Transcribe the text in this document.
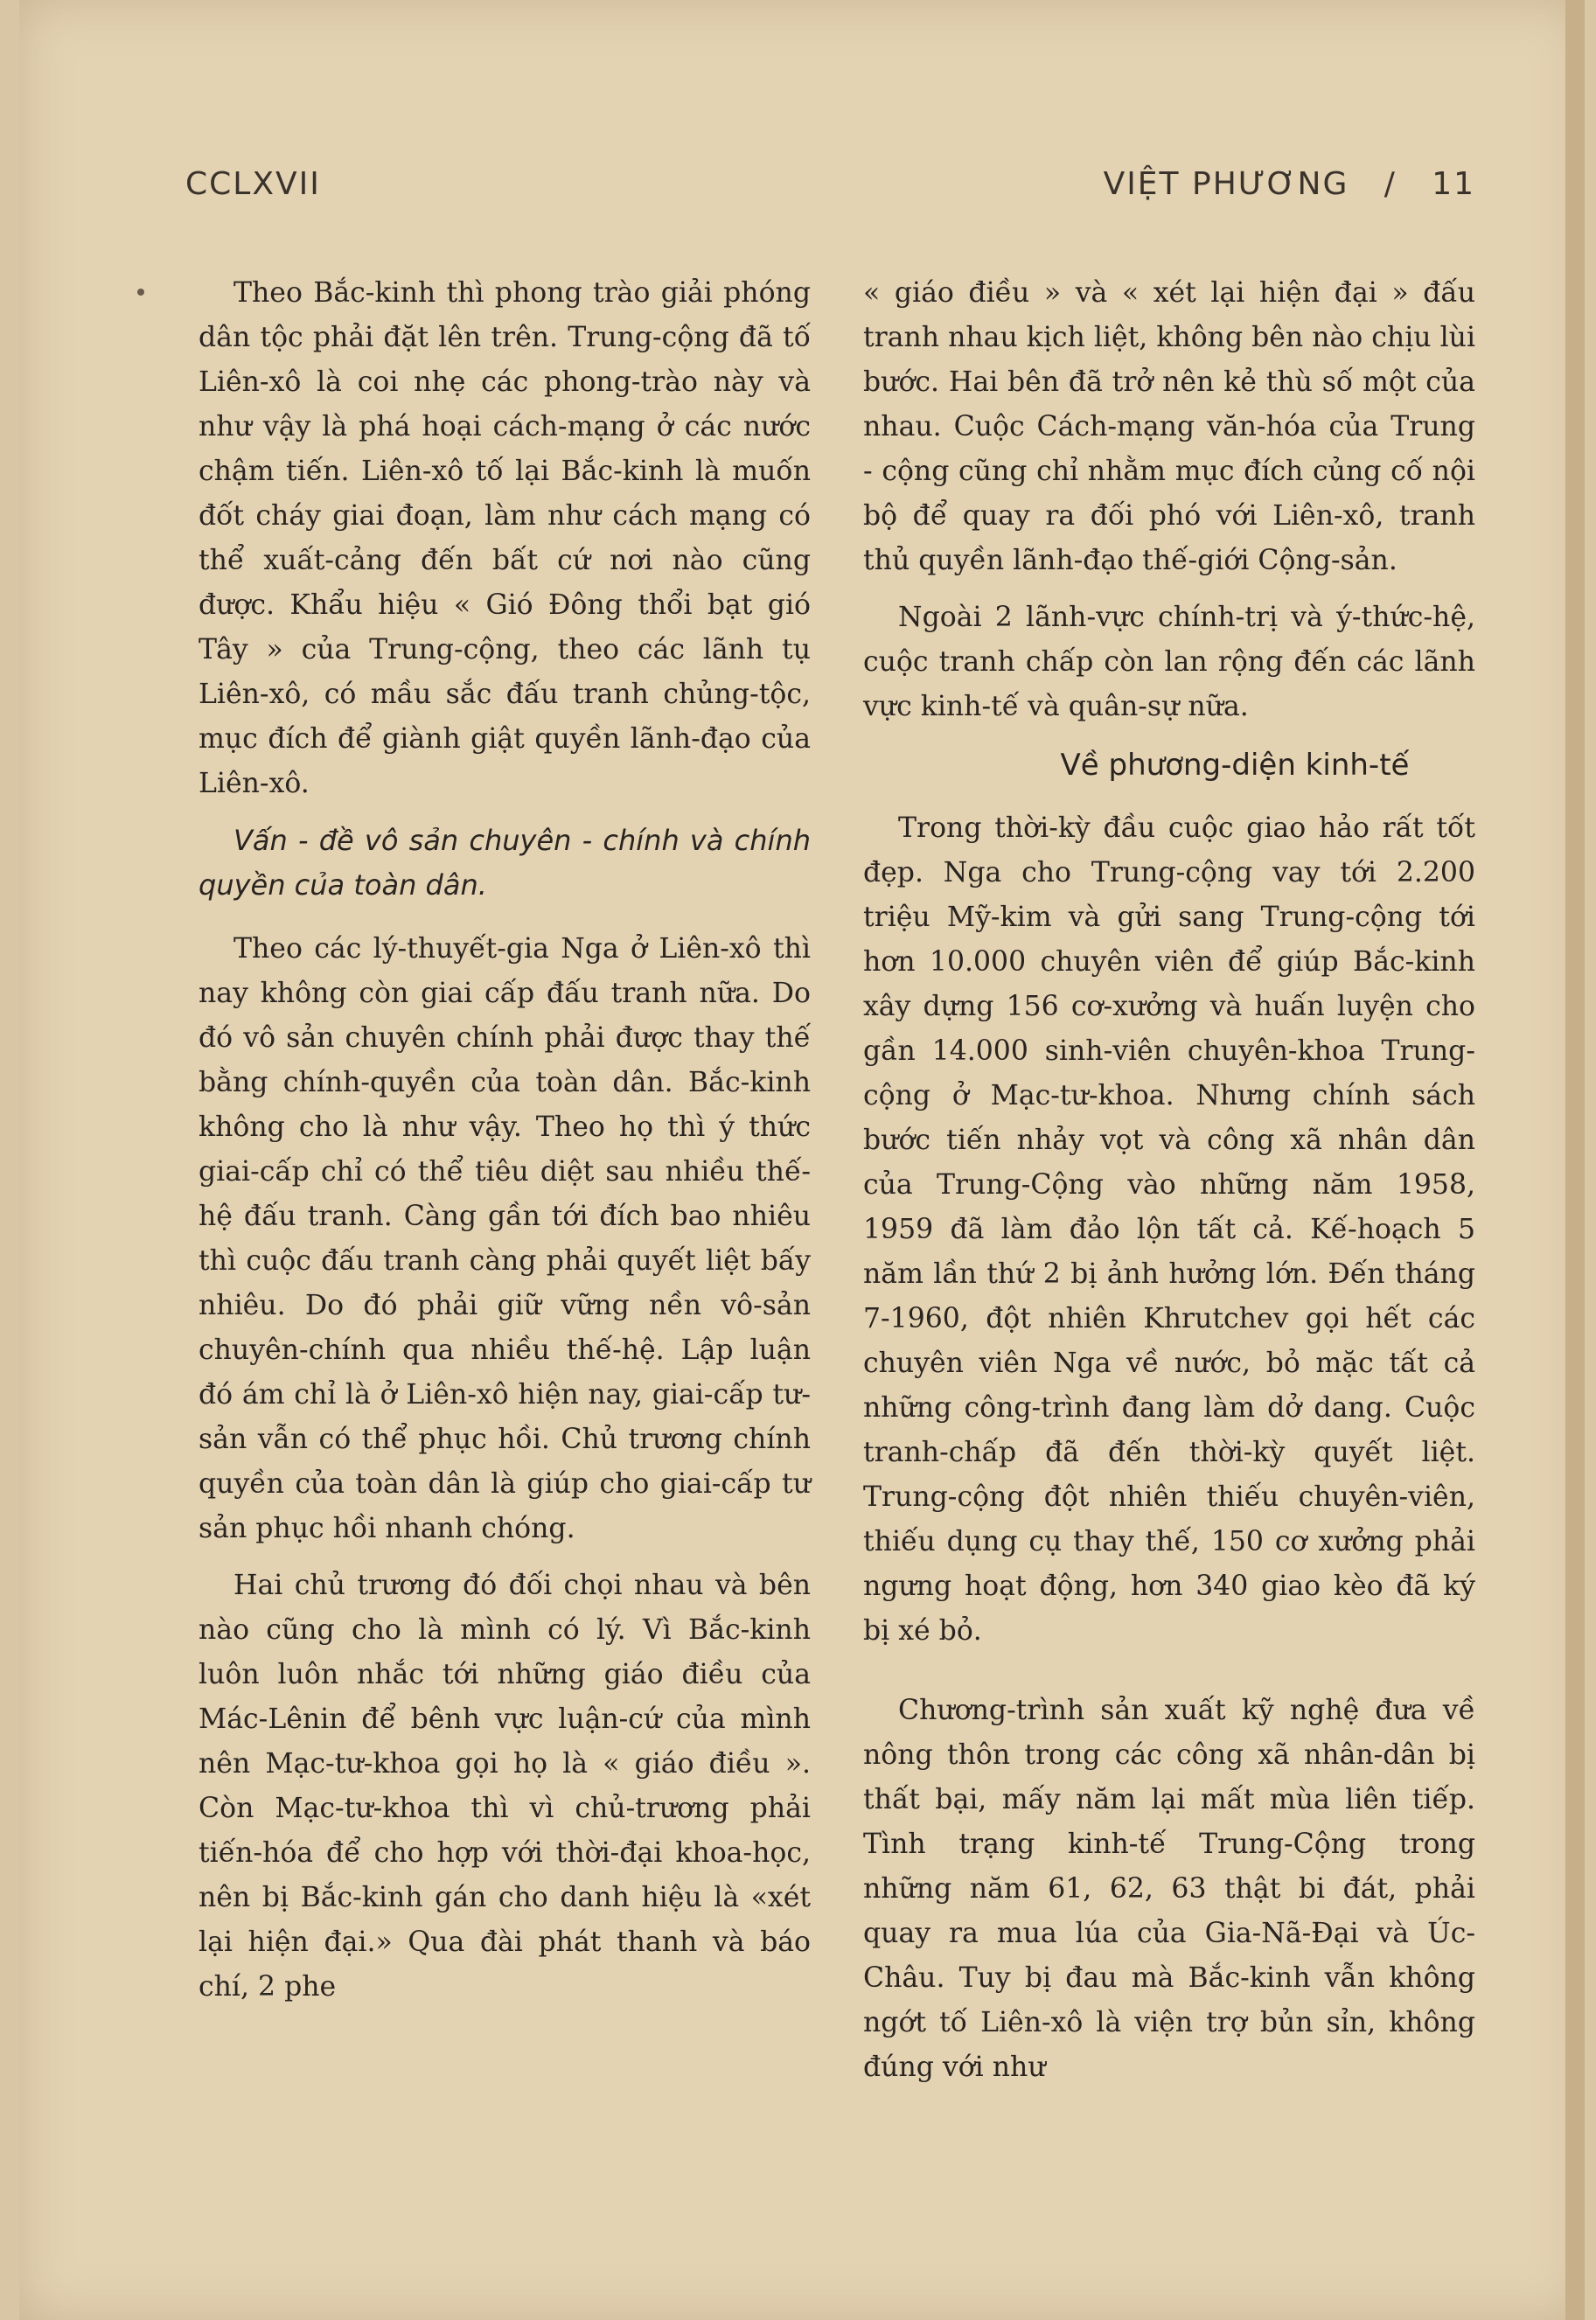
CCLXVII	VIỆT PHƯƠNG / 11

Theo Bắc-kinh thì phong trào giải phóng dân tộc phải đặt lên trên. Trung-cộng đã tố Liên-xô là coi nhẹ các phong-trào này và như vậy là phá hoại cách-mạng ở các nước chậm tiến. Liên-xô tố lại Bắc-kinh là muốn đốt cháy giai đoạn, làm như cách mạng có thể xuất-cảng đến bất cứ nơi nào cũng được. Khẩu hiệu « Gió Đông thổi bạt gió Tây » của Trung-cộng, theo các lãnh tụ Liên-xô, có mầu sắc đấu tranh chủng-tộc, mục đích để giành giật quyền lãnh-đạo của Liên-xô.

Vấn - đề vô sản chuyên - chính và chính quyền của toàn dân.

Theo các lý-thuyết-gia Nga ở Liên-xô thì nay không còn giai cấp đấu tranh nữa. Do đó vô sản chuyên chính phải được thay thế bằng chính-quyền của toàn dân. Bắc-kinh không cho là như vậy. Theo họ thì ý thức giai-cấp chỉ có thể tiêu diệt sau nhiều thế-hệ đấu tranh. Càng gần tới đích bao nhiêu thì cuộc đấu tranh càng phải quyết liệt bấy nhiêu. Do đó phải giữ vững nền vô-sản chuyên-chính qua nhiều thế-hệ. Lập luận đó ám chỉ là ở Liên-xô hiện nay, giai-cấp tư-sản vẫn có thể phục hồi. Chủ trương chính quyền của toàn dân là giúp cho giai-cấp tư sản phục hồi nhanh chóng.

Hai chủ trương đó đối chọi nhau và bên nào cũng cho là mình có lý. Vì Bắc-kinh luôn luôn nhắc tới những giáo điều của Mác-Lênin để bênh vực luận-cứ của mình nên Mạc-tư-khoa gọi họ là « giáo điều ». Còn Mạc-tư-khoa thì vì chủ-trương phải tiến-hóa để cho hợp với thời-đại khoa-học, nên bị Bắc-kinh gán cho danh hiệu là «xét lại hiện đại.» Qua đài phát thanh và báo chí, 2 phe

« giáo điều » và « xét lại hiện đại » đấu tranh nhau kịch liệt, không bên nào chịu lùi bước. Hai bên đã trở nên kẻ thù số một của nhau. Cuộc Cách-mạng văn-hóa của Trung - cộng cũng chỉ nhằm mục đích củng cố nội bộ để quay ra đối phó với Liên-xô, tranh thủ quyền lãnh-đạo thế-giới Cộng-sản.

Ngoài 2 lãnh-vực chính-trị và ý-thức-hệ, cuộc tranh chấp còn lan rộng đến các lãnh vực kinh-tế và quân-sự nữa.

Về phương-diện kinh-tế

Trong thời-kỳ đầu cuộc giao hảo rất tốt đẹp. Nga cho Trung-cộng vay tới 2.200 triệu Mỹ-kim và gửi sang Trung-cộng tới hơn 10.000 chuyên viên để giúp Bắc-kinh xây dựng 156 cơ-xưởng và huấn luyện cho gần 14.000 sinh-viên chuyên-khoa Trung-cộng ở Mạc-tư-khoa. Nhưng chính sách bước tiến nhảy vọt và công xã nhân dân của Trung-Cộng vào những năm 1958, 1959 đã làm đảo lộn tất cả. Kế-hoạch 5 năm lần thứ 2 bị ảnh hưởng lớn. Đến tháng 7-1960, đột nhiên Khrutchev gọi hết các chuyên viên Nga về nước, bỏ mặc tất cả những công-trình đang làm dở dang. Cuộc tranh-chấp đã đến thời-kỳ quyết liệt. Trung-cộng đột nhiên thiếu chuyên-viên, thiếu dụng cụ thay thế, 150 cơ xưởng phải ngưng hoạt động, hơn 340 giao kèo đã ký bị xé bỏ.

Chương-trình sản xuất kỹ nghệ đưa về nông thôn trong các công xã nhân-dân bị thất bại, mấy năm lại mất mùa liên tiếp. Tình trạng kinh-tế Trung-Cộng trong những năm 61, 62, 63 thật bi đát, phải quay ra mua lúa của Gia-Nã-Đại và Úc-Châu. Tuy bị đau mà Bắc-kinh vẫn không ngớt tố Liên-xô là viện trợ bủn sỉn, không đúng với như
